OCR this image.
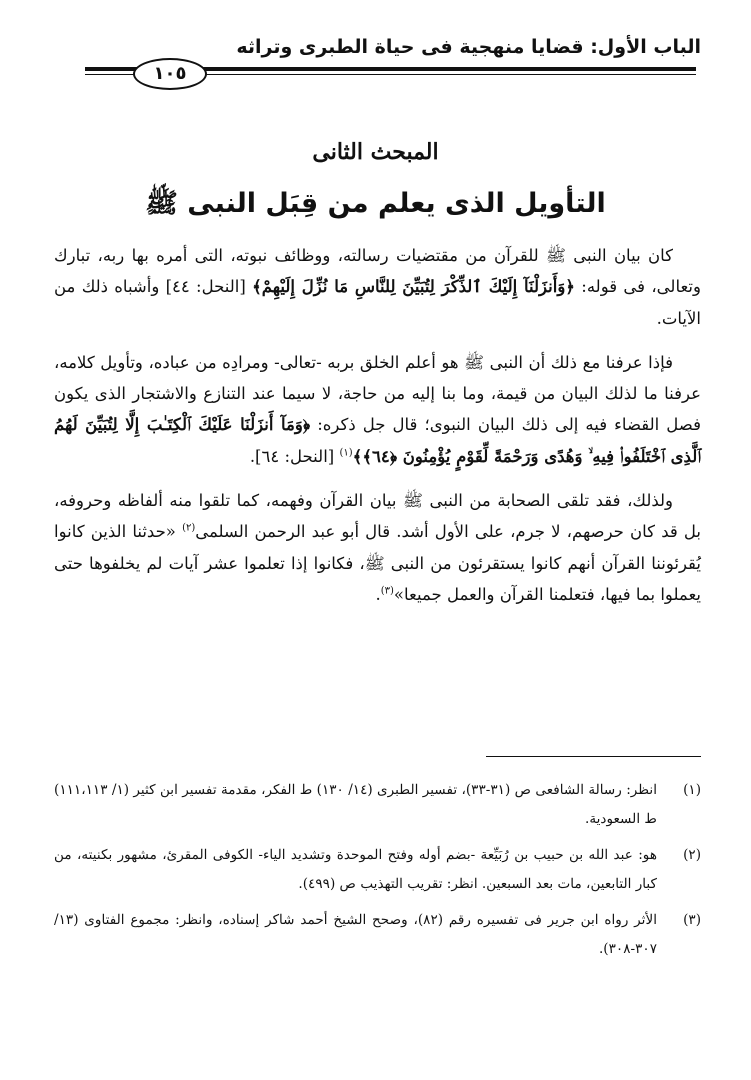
الباب الأول: قضايا منهجية فى حياة الطبرى وتراثه
١٠٥
المبحث الثانى
التأويل الذى يعلم من قِبَل النبى ﷺ

كان بيان النبى ﷺ للقرآن من مقتضيات رسالته، ووظائف نبوته، التى أمره بها ربه، تبارك وتعالى، فى قوله: ﴿وَأَنزَلْنَآ إِلَيْكَ ٱلذِّكْرَ لِتُبَيِّنَ لِلنَّاسِ مَا نُزِّلَ إِلَيْهِمْ﴾ [النحل: ٤٤] وأشباه ذلك من الآيات.

فإذا عرفنا مع ذلك أن النبى ﷺ هو أعلم الخلق بربه -تعالى- ومرادِه من عباده، وتأويل كلامه، عرفنا ما لذلك البيان من قيمة، وما بنا إليه من حاجة، لا سيما عند التنازع والاشتجار الذى يكون فصل القضاء فيه إلى ذلك البيان النبوى؛ قال جل ذكره: ﴿وَمَآ أَنزَلْنَا عَلَيْكَ ٱلْكِتَـٰبَ إِلَّا لِتُبَيِّنَ لَهُمُ ٱلَّذِى ٱخْتَلَفُوا۟ فِيهِ ۙ وَهُدًى وَرَحْمَةً لِّقَوْمٍ يُؤْمِنُونَ ﴿٦٤﴾﴾$^{(١)}$ [النحل: ٦٤].

ولذلك، فقد تلقى الصحابة من النبى ﷺ بيان القرآن وفهمه، كما تلقوا منه ألفاظه وحروفه، بل قد كان حرصهم، لا جرم، على الأول أشد. قال أبو عبد الرحمن السلمى$^{(٢)}$ «حدثنا الذين كانوا يُقرئوننا القرآن أنهم كانوا يستقرئون من النبى ﷺ، فكانوا إذا تعلموا عشر آيات لم يخلفوها حتى يعملوا بما فيها، فتعلمنا القرآن والعمل جميعا»$^{(٣)}$.

(١)
انظر: رسالة الشافعى ص (٣١-٣٣)، تفسير الطبرى (١٤/ ١٣٠) ط الفكر، مقدمة تفسير ابن كثير (١/ ١١١،١١٣) ط السعودية.
(٢)
هو: عبد الله بن حبيب بن رُبَيِّعة -بضم أوله وفتح الموحدة وتشديد الياء- الكوفى المقرئ، مشهور بكنيته، من كبار التابعين، مات بعد السبعين. انظر: تقريب التهذيب ص (٤٩٩).
(٣)
الأثر رواه ابن جرير فى تفسيره رقم (٨٢)، وصحح الشيخ أحمد شاكر إسناده، وانظر: مجموع الفتاوى (١٣/ ٣٠٧-٣٠٨).
